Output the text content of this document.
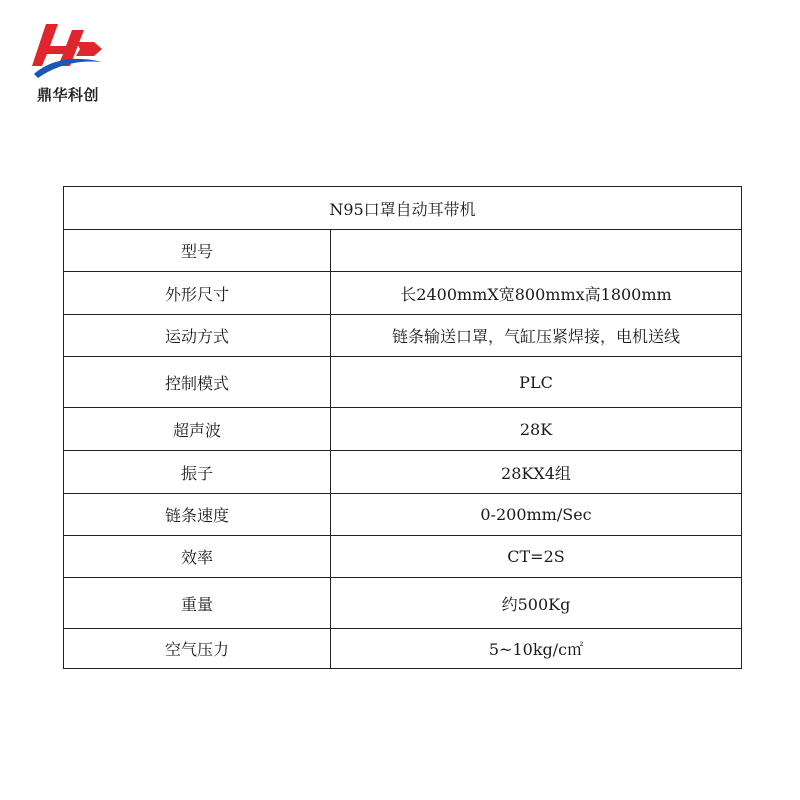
鼎华科创
N95口罩自动耳带机	
型号	
外形尺寸	长2400mmX宽800mmx高1800mm
运动方式	链条输送口罩，气缸压紧焊接，电机送线
控制模式	PLC
超声波	28K
振子	28KX4组
链条速度	0-200mm/Sec
效率	CT=2S
重量	约500Kg
空气压力	5~10kg/c㎡
